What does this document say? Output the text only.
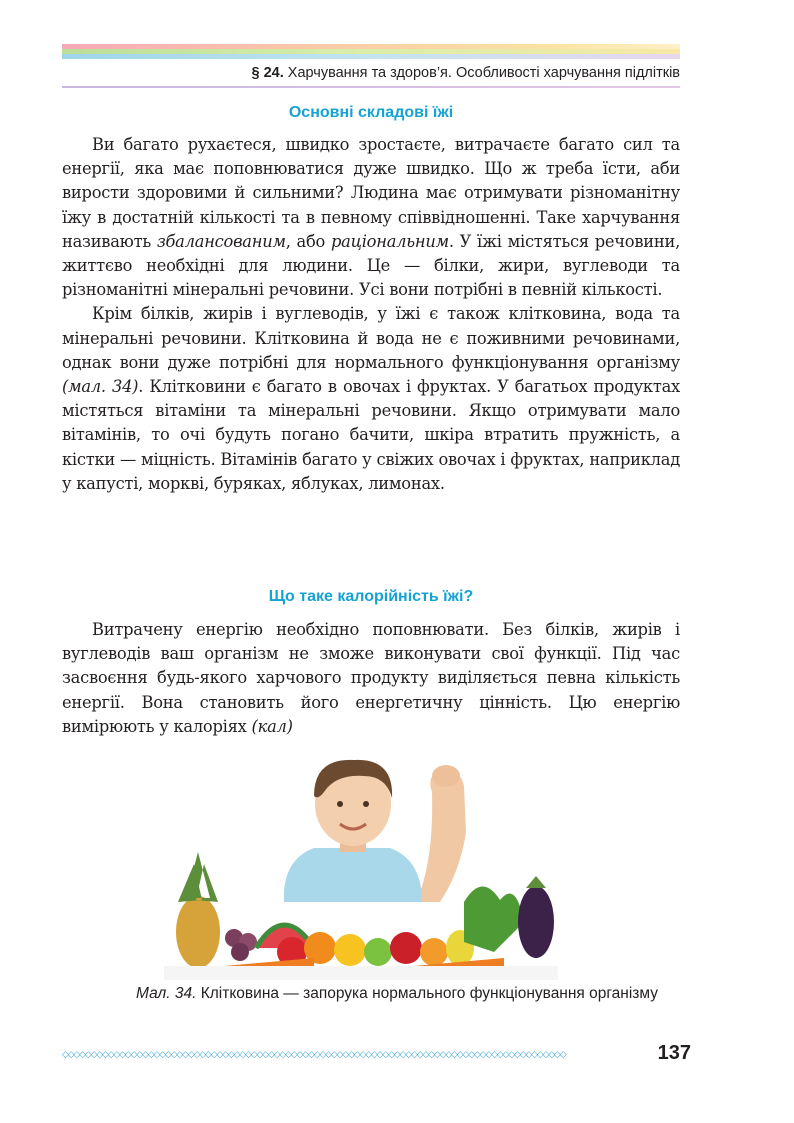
§ 24. Харчування та здоров’я. Особливості харчування підлітків
Основні складові їжі

Ви багато рухаєтеся, швидко зростаєте, витрачаєте багато сил та енергії, яка має поповнюватися дуже швидко. Що ж треба їсти, аби вирости здоровими й сильними? Людина має отримувати різноманітну їжу в достатній кількості та в певному співвідношенні. Таке харчування називають збалансованим, або раціональним. У їжі містяться речовини, життєво необхідні для людини. Це — білки, жири, вуглеводи та різноманітні мінеральні речовини. Усі вони потрібні в певній кількості.

Крім білків, жирів і вуглеводів, у їжі є також клітковина, вода та мінеральні речовини. Клітковина й вода не є поживними речовинами, однак вони дуже потрібні для нормального функціонування організму (мал. 34). Клітковини є багато в овочах і фруктах. У багатьох продуктах містяться вітаміни та мінеральні речовини. Якщо отримувати мало вітамінів, то очі будуть погано бачити, шкіра втратить пружність, а кістки — міцність. Вітамінів багато у свіжих овочах і фруктах, наприклад у капусті, моркві, буряках, яблуках, лимонах.

Що таке калорійність їжі?

Витрачену енергію необхідно поповнювати. Без білків, жирів і вуглеводів ваш організм не зможе виконувати свої функції. Під час засвоєння будь-якого харчового продукту виділяється певна кількість енергії. Вона становить його енергетичну цінність. Цю енергію вимірюють у калоріях (кал)

Мал. 34. Клітковина — запорука нормального функціонування організму
◇◇◇◇◇◇◇◇◇◇◇◇◇◇◇◇◇◇◇◇◇◇◇◇◇◇◇◇◇◇◇◇◇◇◇◇◇◇◇◇◇◇◇◇◇◇◇◇◇◇◇◇◇◇◇◇◇◇◇◇◇◇◇◇◇◇◇◇◇◇◇◇◇◇◇◇◇◇◇◇◇◇◇◇◇◇◇◇	137
